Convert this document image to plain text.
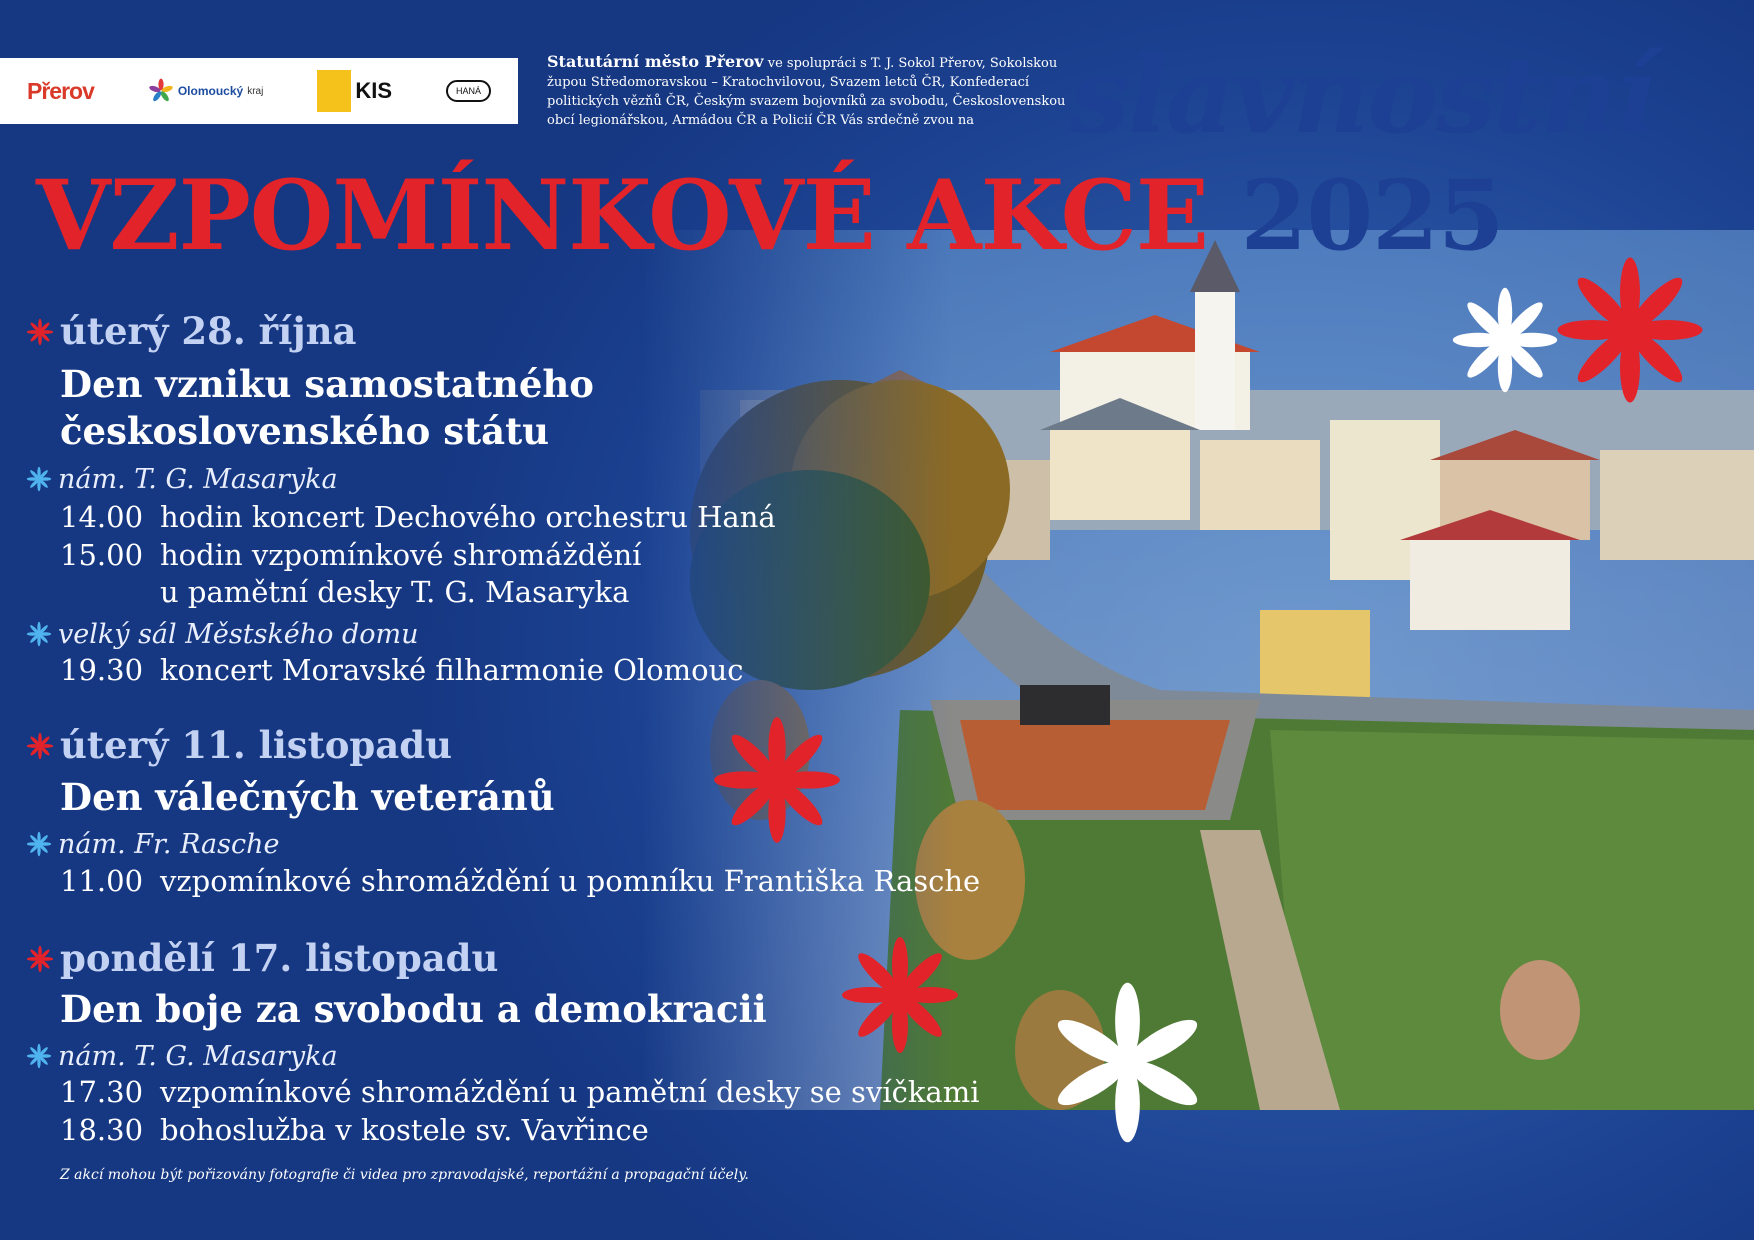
Přerov	Olomoucký kraj	KIS	HANÁ
Statutární město Přerov ve spolupráci s T. J. Sokol Přerov, Sokolskou župou Středomoravskou – Kratochvilovou, Svazem letců ČR, Konfederací politických vězňů ČR, Českým svazem bojovníků za svobodu, Československou obcí legionářskou, Armádou ČR a Policií ČR Vás srdečně zvou na slavnostní
VZPOMÍNKOVÉ AKCE 2025
úterý 28. října
Den vzniku samostatného
československého státu
nám. T. G. Masaryka
14.00 hodin koncert Dechového orchestru Haná
15.00 hodin vzpomínkové shromáždění
u pamětní desky T. G. Masaryka
velký sál Městského domu
19.30 koncert Moravské filharmonie Olomouc
úterý 11. listopadu
Den válečných veteránů
nám. Fr. Rasche
11.00 vzpomínkové shromáždění u pomníku Františka Rasche
pondělí 17. listopadu
Den boje za svobodu a demokracii
nám. T. G. Masaryka
17.30 vzpomínkové shromáždění u pamětní desky se svíčkami
18.30 bohoslužba v kostele sv. Vavřince
Z akcí mohou být pořizovány fotografie či videa pro zpravodajské, reportážní a propagační účely.
